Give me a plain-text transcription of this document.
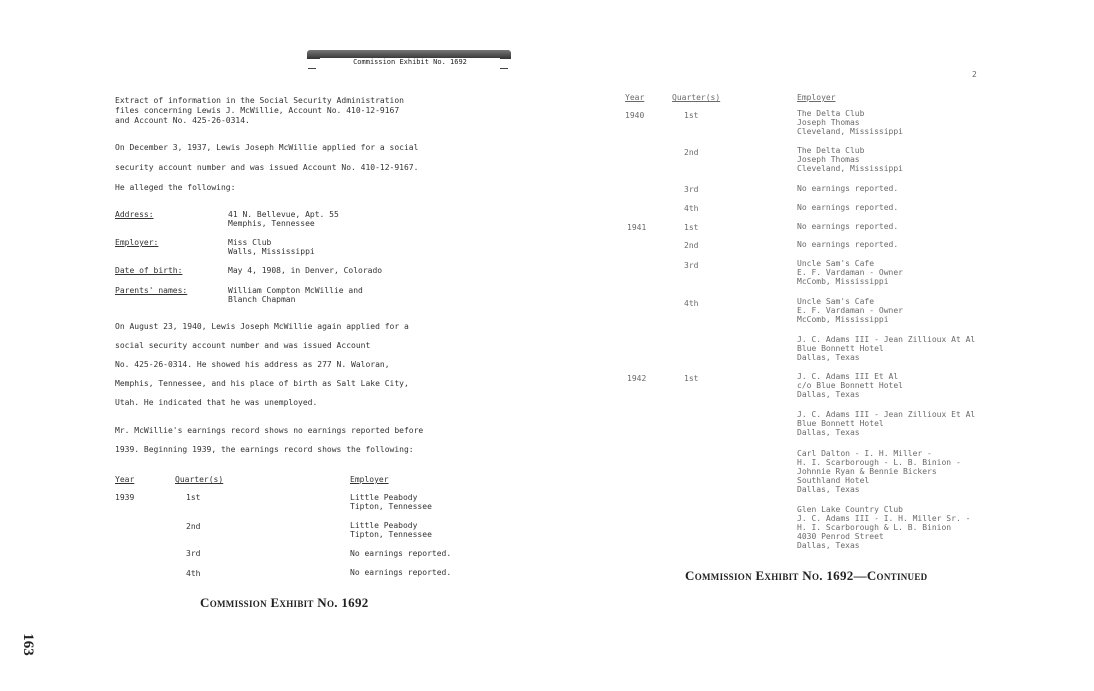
Commission Exhibit No. 1692
2
Extract of information in the Social Security Administration
files concerning Lewis J. McWillie, Account No. 410-12-9167
and Account No. 425-26-0314.
On December 3, 1937, Lewis Joseph McWillie applied for a social
security account number and was issued Account No. 410-12-9167.
He alleged the following:
Address:	41 N. Bellevue, Apt. 55
Memphis, Tennessee
Employer:	Miss Club
Walls, Mississippi
Date of birth:	May 4, 1908, in Denver, Colorado
Parents' names:	William Compton McWillie and
Blanch Chapman
On August 23, 1940, Lewis Joseph McWillie again applied for a
social security account number and was issued Account
No. 425-26-0314. He showed his address as 277 N. Waloran,
Memphis, Tennessee, and his place of birth as Salt Lake City,
Utah. He indicated that he was unemployed.
Mr. McWillie's earnings record shows no earnings reported before
1939. Beginning 1939, the earnings record shows the following:
Year	Quarter(s)	Employer
1939	1st	Little Peabody
Tipton, Tennessee
2nd	Little Peabody
Tipton, Tennessee
3rd	No earnings reported.
4th	No earnings reported.
Commission Exhibit No. 1692
Year	Quarter(s)	Employer
1940	1st	The Delta Club
Joseph Thomas
Cleveland, Mississippi
2nd	The Delta Club
Joseph Thomas
Cleveland, Mississippi
3rd	No earnings reported.
4th	No earnings reported.
1941	1st	No earnings reported.
2nd	No earnings reported.
3rd	Uncle Sam's Cafe
E. F. Vardaman - Owner
McComb, Mississippi
4th	Uncle Sam's Cafe
E. F. Vardaman - Owner
McComb, Mississippi
J. C. Adams III - Jean Zillioux At Al
Blue Bonnett Hotel
Dallas, Texas
1942	1st	J. C. Adams III Et Al
c/o Blue Bonnett Hotel
Dallas, Texas
J. C. Adams III - Jean Zillioux Et Al
Blue Bonnett Hotel
Dallas, Texas
Carl Dalton - I. H. Miller -
H. I. Scarborough - L. B. Binion -
Johnnie Ryan & Bennie Bickers
Southland Hotel
Dallas, Texas
Glen Lake Country Club
J. C. Adams III - I. H. Miller Sr. -
H. I. Scarborough & L. B. Binion
4030 Penrod Street
Dallas, Texas
Commission Exhibit No. 1692—Continued
163
